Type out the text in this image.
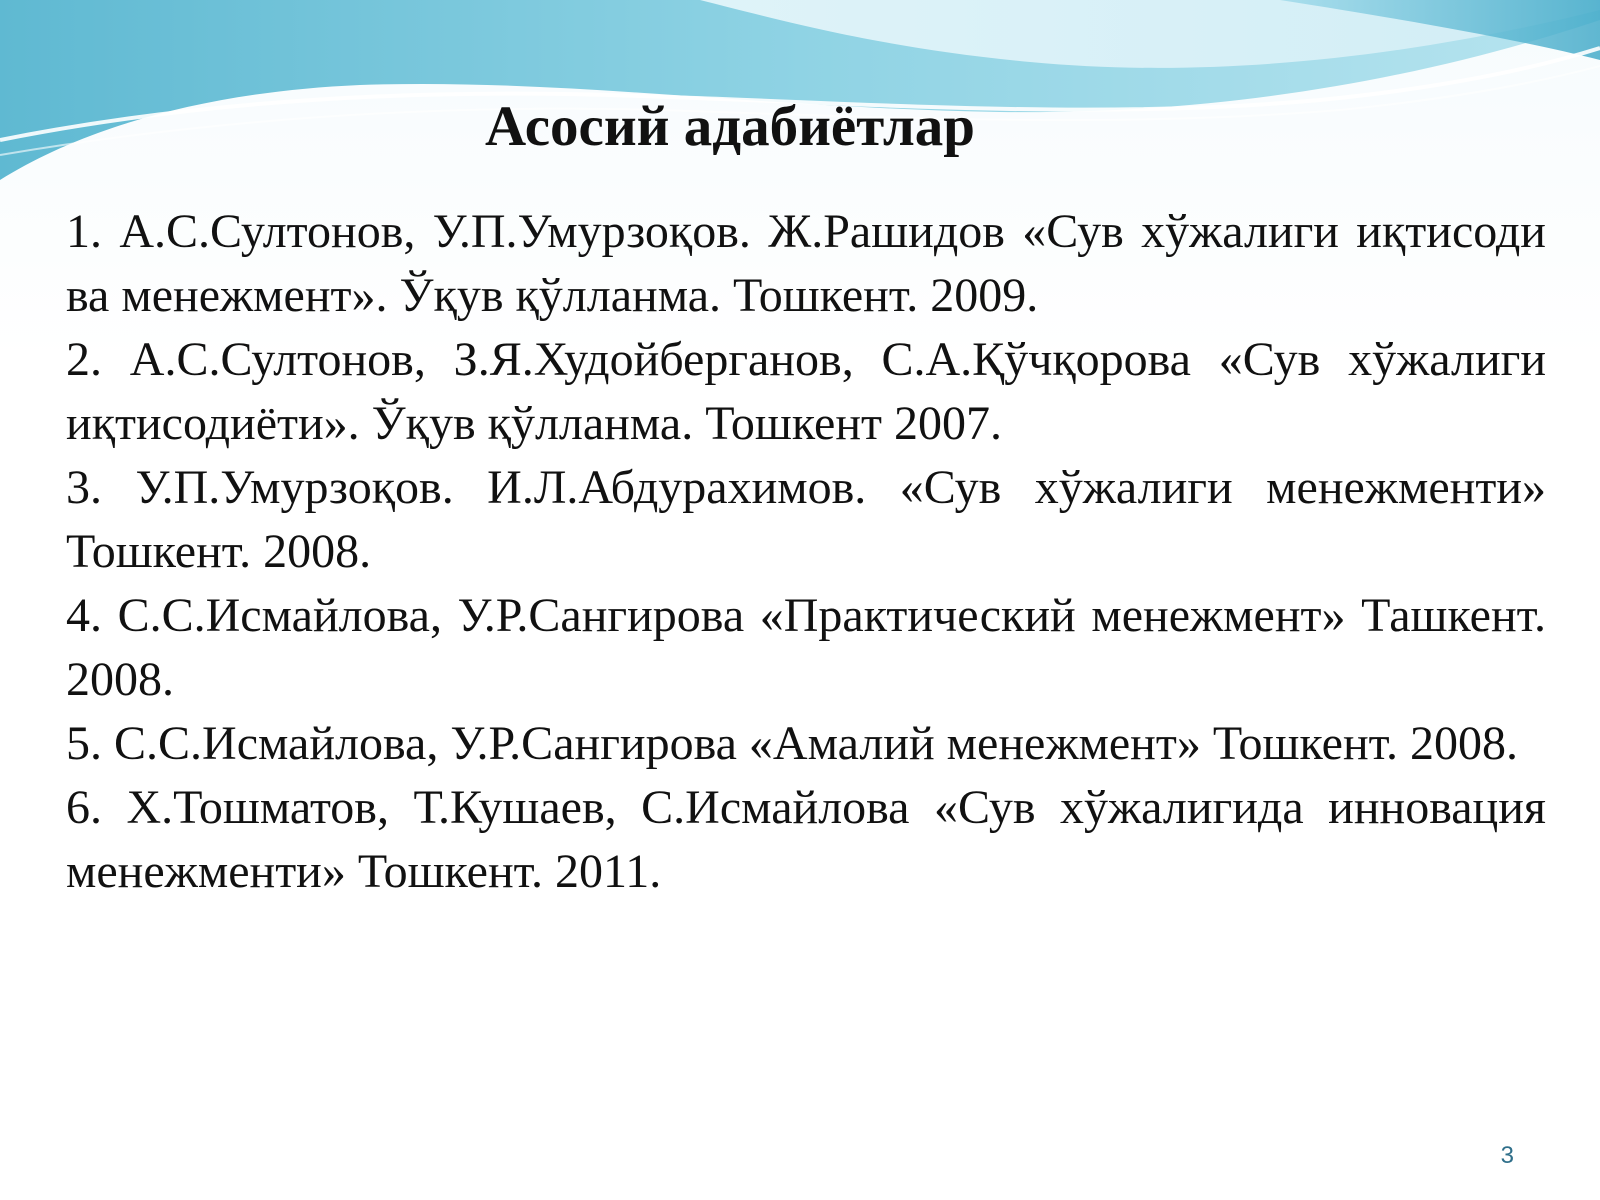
Асосий адабиётлар
1. А.С.Султонов, У.П.Умурзоқов. Ж.Рашидов «Сув хўжалиги иқтисоди ва менежмент». Ўқув қўлланма. Тошкент. 2009.
2. А.С.Султонов, З.Я.Худойберганов, С.А.Қўчқорова «Сув хўжалиги иқтисодиёти». Ўқув қўлланма. Тошкент 2007.
3. У.П.Умурзоқов. И.Л.Абдурахимов. «Сув хўжалиги менежменти» Тошкент. 2008.
4. С.С.Исмайлова, У.Р.Сангирова «Практический менежмент» Ташкент. 2008.
5. С.С.Исмайлова, У.Р.Сангирова «Амалий менежмент» Тошкент. 2008.
6. Х.Тошматов, Т.Кушаев, С.Исмайлова «Сув хўжалигида инновация менежменти» Тошкент. 2011.
3
